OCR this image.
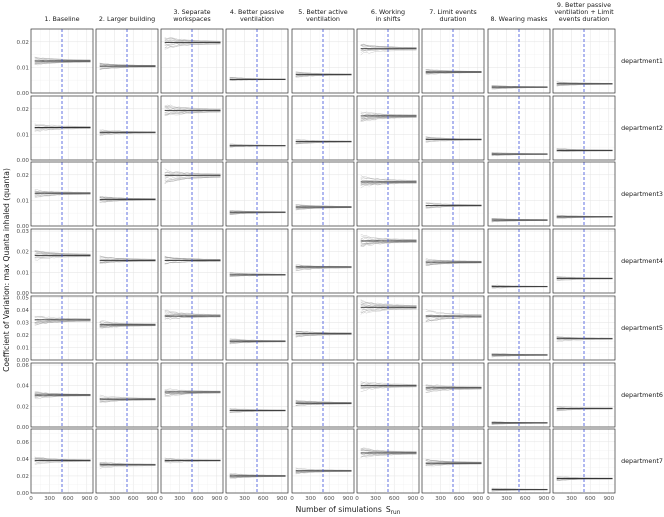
1. Baseline	2. Larger building
3. Separate workspaces
4. Better passive ventilation
5. Better active ventilation
6. Working in shifts
7. Limit events duration	8. Wearing masks
9. Better passive ventilation + Limit events duration
0.00
0.01
0.02
0.00
0.01
0.02
0.00
0.01
0.02
0.00
0.01
0.02
0.03
0.00
0.01
0.02
0.03
0.04
0.05
0.00
0.02
0.04
0.06
0.00
0.02
0.04
0.06
0 300 600 900 0 300 600 900 0 300 600 900 0 300 600 900 0 300 600 900 0 300 600 900 0 300 600 900 0 300 600 900 0 300 600 900
department1
department2
department3
department4
department5
department6
department7
Coefficient of Variation: max Quanta inhaled (quanta)
Number of simulations $S_{run}$
